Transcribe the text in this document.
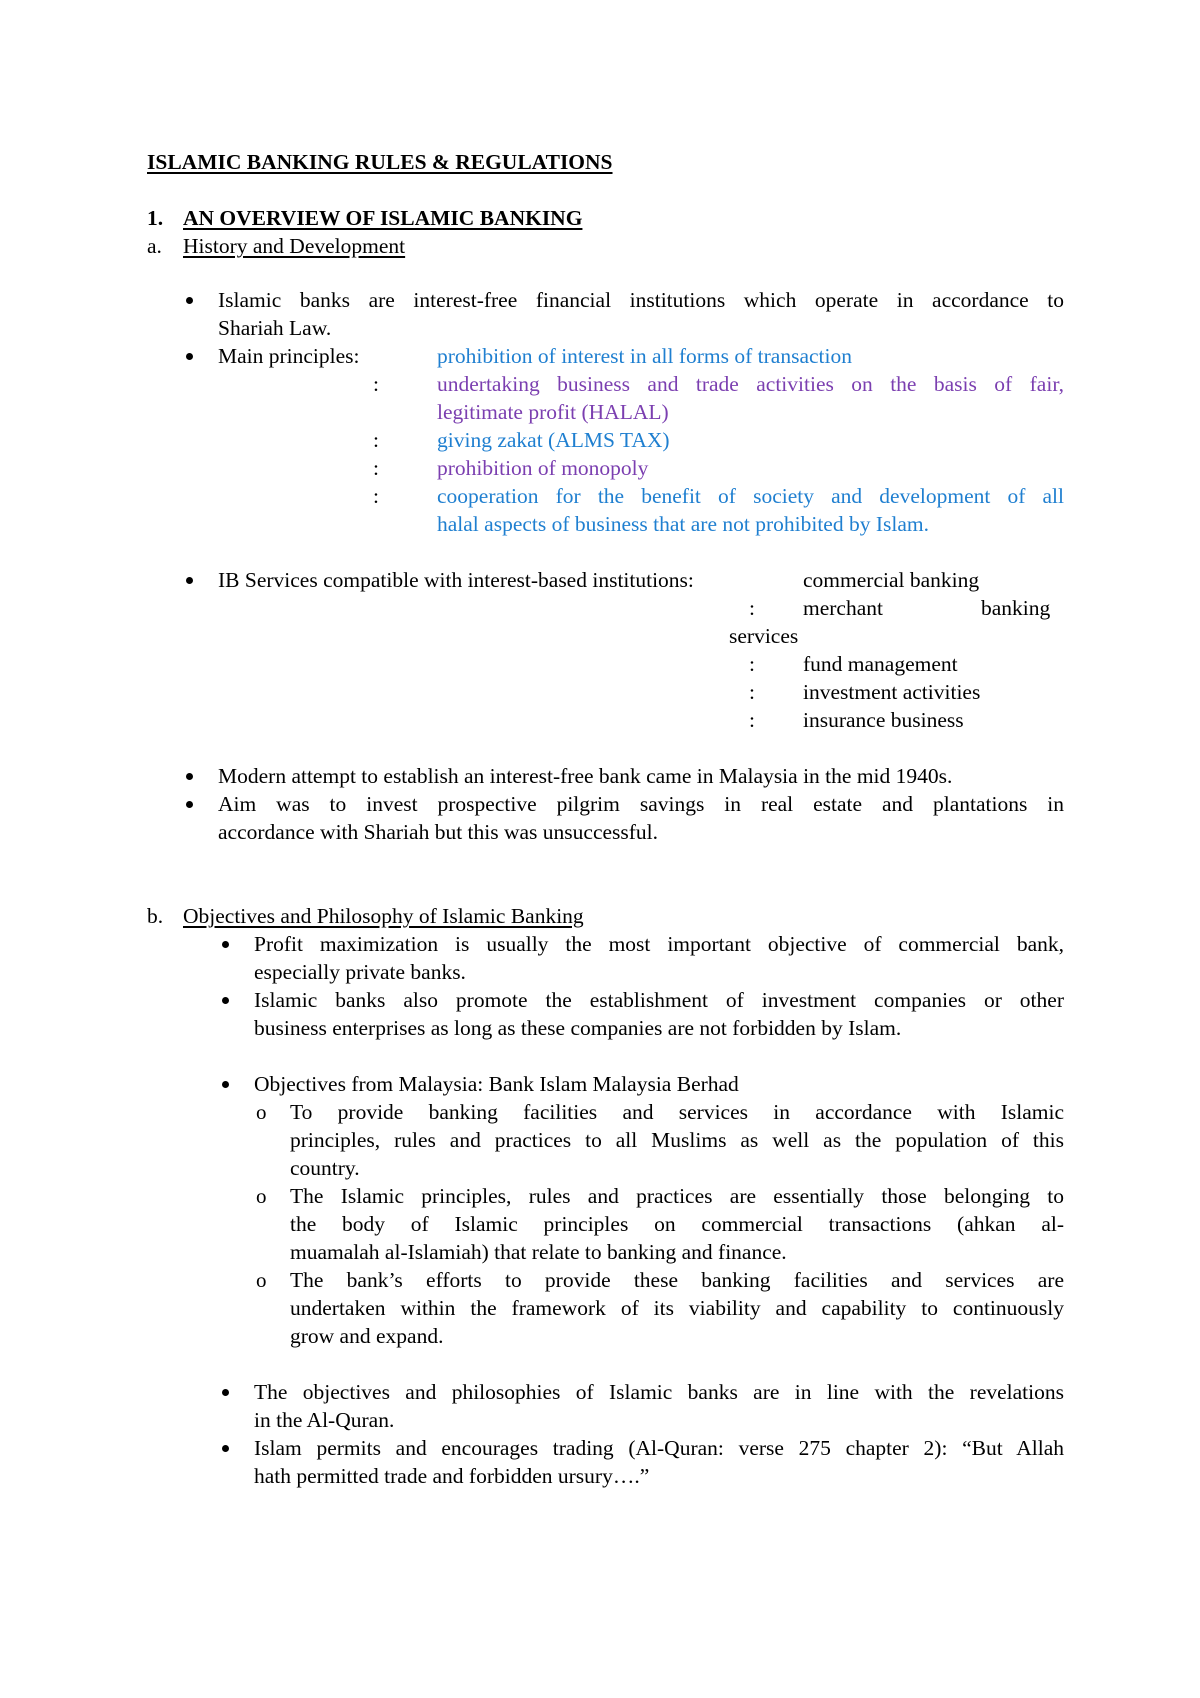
ISLAMIC BANKING RULES & REGULATIONS
1. AN OVERVIEW OF ISLAMIC BANKING
a. History and Development
Islamic banks are interest-free financial institutions which operate in accordance to
Shariah Law.
Main principles:	prohibition of interest in all forms of transaction
:	undertaking business and trade activities on the basis of fair,
legitimate profit (HALAL)
:	giving zakat (ALMS TAX)
:	prohibition of monopoly
:	cooperation for the benefit of society and development of all
halal aspects of business that are not prohibited by Islam.
IB Services compatible with interest-based institutions:	commercial banking
: merchant	banking
services
: fund management
: investment activities
: insurance business
Modern attempt to establish an interest-free bank came in Malaysia in the mid 1940s.
Aim was to invest prospective pilgrim savings in real estate and plantations in
accordance with Shariah but this was unsuccessful.
b. Objectives and Philosophy of Islamic Banking
Profit maximization is usually the most important objective of commercial bank,
especially private banks.
Islamic banks also promote the establishment of investment companies or other
business enterprises as long as these companies are not forbidden by Islam.
Objectives from Malaysia: Bank Islam Malaysia Berhad
o To provide banking facilities and services in accordance with Islamic
principles, rules and practices to all Muslims as well as the population of this
country.
o The Islamic principles, rules and practices are essentially those belonging to
the body of Islamic principles on commercial transactions (ahkan al-
muamalah al-Islamiah) that relate to banking and finance.
o The bank’s efforts to provide these banking facilities and services are
undertaken within the framework of its viability and capability to continuously
grow and expand.
The objectives and philosophies of Islamic banks are in line with the revelations
in the Al-Quran.
Islam permits and encourages trading (Al-Quran: verse 275 chapter 2): “But Allah
hath permitted trade and forbidden ursury….”
